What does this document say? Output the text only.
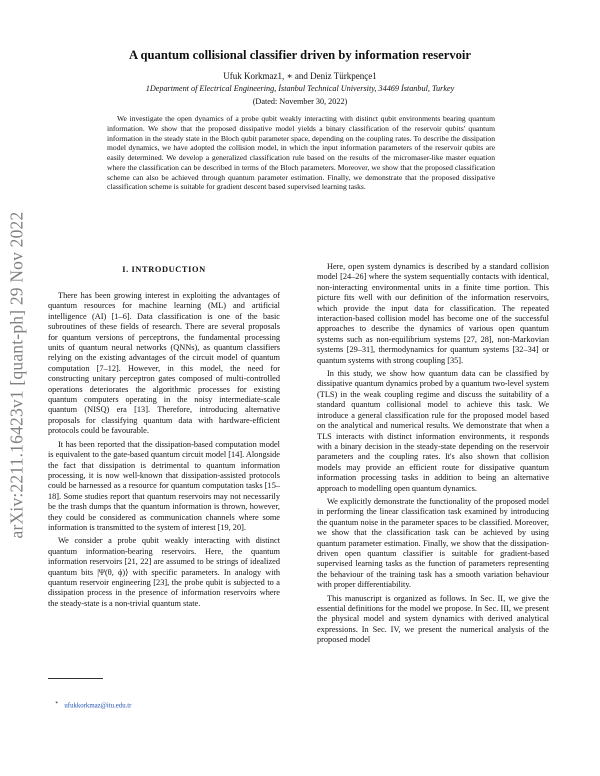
arXiv:2211.16423v1 [quant-ph] 29 Nov 2022
A quantum collisional classifier driven by information reservoir
Ufuk Korkmaz1, ∗ and Deniz Türkpençe1
1Department of Electrical Engineering, İstanbul Technical University, 34469 İstanbul, Turkey
(Dated: November 30, 2022)

We investigate the open dynamics of a probe qubit weakly interacting with distinct qubit environments bearing quantum information. We show that the proposed dissipative model yields a binary classification of the reservoir qubits' quantum information in the steady state in the Bloch qubit parameter space, depending on the coupling rates. To describe the dissipation model dynamics, we have adopted the collision model, in which the input information parameters of the reservoir qubits are easily determined. We develop a generalized classification rule based on the results of the micromaser-like master equation where the classification can be described in terms of the Bloch parameters. Moreover, we show that the proposed classification scheme can also be achieved through quantum parameter estimation. Finally, we demonstrate that the proposed dissipative classification scheme is suitable for gradient descent based supervised learning tasks.

I. INTRODUCTION

There has been growing interest in exploiting the advantages of quantum resources for machine learning (ML) and artificial intelligence (AI) [1–6]. Data classification is one of the basic subroutines of these fields of research. There are several proposals for quantum versions of perceptrons, the fundamental processing units of quantum neural networks (QNNs), as quantum classifiers relying on the existing advantages of the circuit model of quantum computation [7–12]. However, in this model, the need for constructing unitary perceptron gates composed of multi-controlled operations deteriorates the algorithmic processes for existing quantum computers operating in the noisy intermediate-scale quantum (NISQ) era [13]. Therefore, introducing alternative proposals for classifying quantum data with hardware-efficient protocols could be favourable.

It has been reported that the dissipation-based computation model is equivalent to the gate-based quantum circuit model [14]. Alongside the fact that dissipation is detrimental to quantum information processing, it is now well-known that dissipation-assisted protocols could be harnessed as a resource for quantum computation tasks [15–18]. Some studies report that quantum reservoirs may not necessarily be the trash dumps that the quantum information is thrown, however, they could be considered as communication channels where some information is transmitted to the system of interest [19, 20].

We consider a probe qubit weakly interacting with distinct quantum information-bearing reservoirs. Here, the quantum information reservoirs [21, 22] are assumed to be strings of idealized quantum bits |Ψ(θ, ϕ)⟩ with specific parameters. In analogy with quantum reservoir engineering [23], the probe qubit is subjected to a dissipation process in the presence of information reservoirs where the steady-state is a non-trivial quantum state.

Here, open system dynamics is described by a standard collision model [24–26] where the system sequentially contacts with identical, non-interacting environmental units in a finite time portion. This picture fits well with our definition of the information reservoirs, which provide the input data for classification. The repeated interaction-based collision model has become one of the successful approaches to describe the dynamics of various open quantum systems such as non-equilibrium systems [27, 28], non-Markovian systems [29–31], thermodynamics for quantum systems [32–34] or quantum systems with strong coupling [35].

In this study, we show how quantum data can be classified by dissipative quantum dynamics probed by a quantum two-level system (TLS) in the weak coupling regime and discuss the suitability of a standard quantum collisional model to achieve this task. We introduce a general classification rule for the proposed model based on the analytical and numerical results. We demonstrate that when a TLS interacts with distinct information environments, it responds with a binary decision in the steady-state depending on the reservoir parameters and the coupling rates. It's also shown that collision models may provide an efficient route for dissipative quantum information processing tasks in addition to being an alternative approach to modelling open quantum dynamics.

We explicitly demonstrate the functionality of the proposed model in performing the linear classification task examined by introducing the quantum noise in the parameter spaces to be classified. Moreover, we show that the classification task can be achieved by using quantum parameter estimation. Finally, we show that the dissipation-driven open quantum classifier is suitable for gradient-based supervised learning tasks as the function of parameters representing the behaviour of the training task has a smooth variation behaviour with proper differentiability.

This manuscript is organized as follows. In Sec. II, we give the essential definitions for the model we propose. In Sec. III, we present the physical model and system dynamics with derived analytical expressions. In Sec. IV, we present the numerical analysis of the proposed model

∗ ufukkorkmaz@itu.edu.tr
